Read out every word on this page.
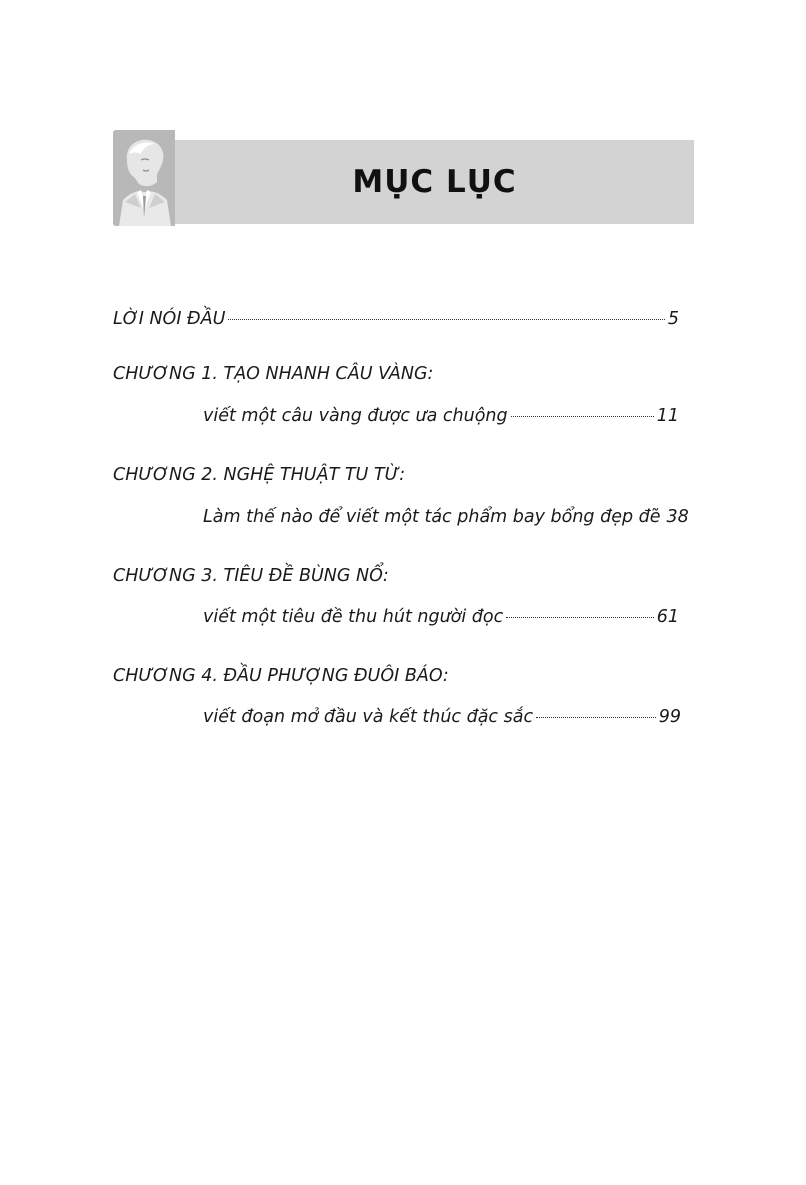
MỤC LỤC
LỜI NÓI ĐẦU	5
CHƯƠNG 1. TẠO NHANH CÂU VÀNG:
viết một câu vàng được ưa chuộng	11
CHƯƠNG 2. NGHỆ THUẬT TU TỪ:
Làm thế nào để viết một tác phẩm bay bổng đẹp đẽ 38
CHƯƠNG 3. TIÊU ĐỀ BÙNG NỔ:
viết một tiêu đề thu hút người đọc	61
CHƯƠNG 4. ĐẦU PHƯỢNG ĐUÔI BÁO:
viết đoạn mở đầu và kết thúc đặc sắc	99
